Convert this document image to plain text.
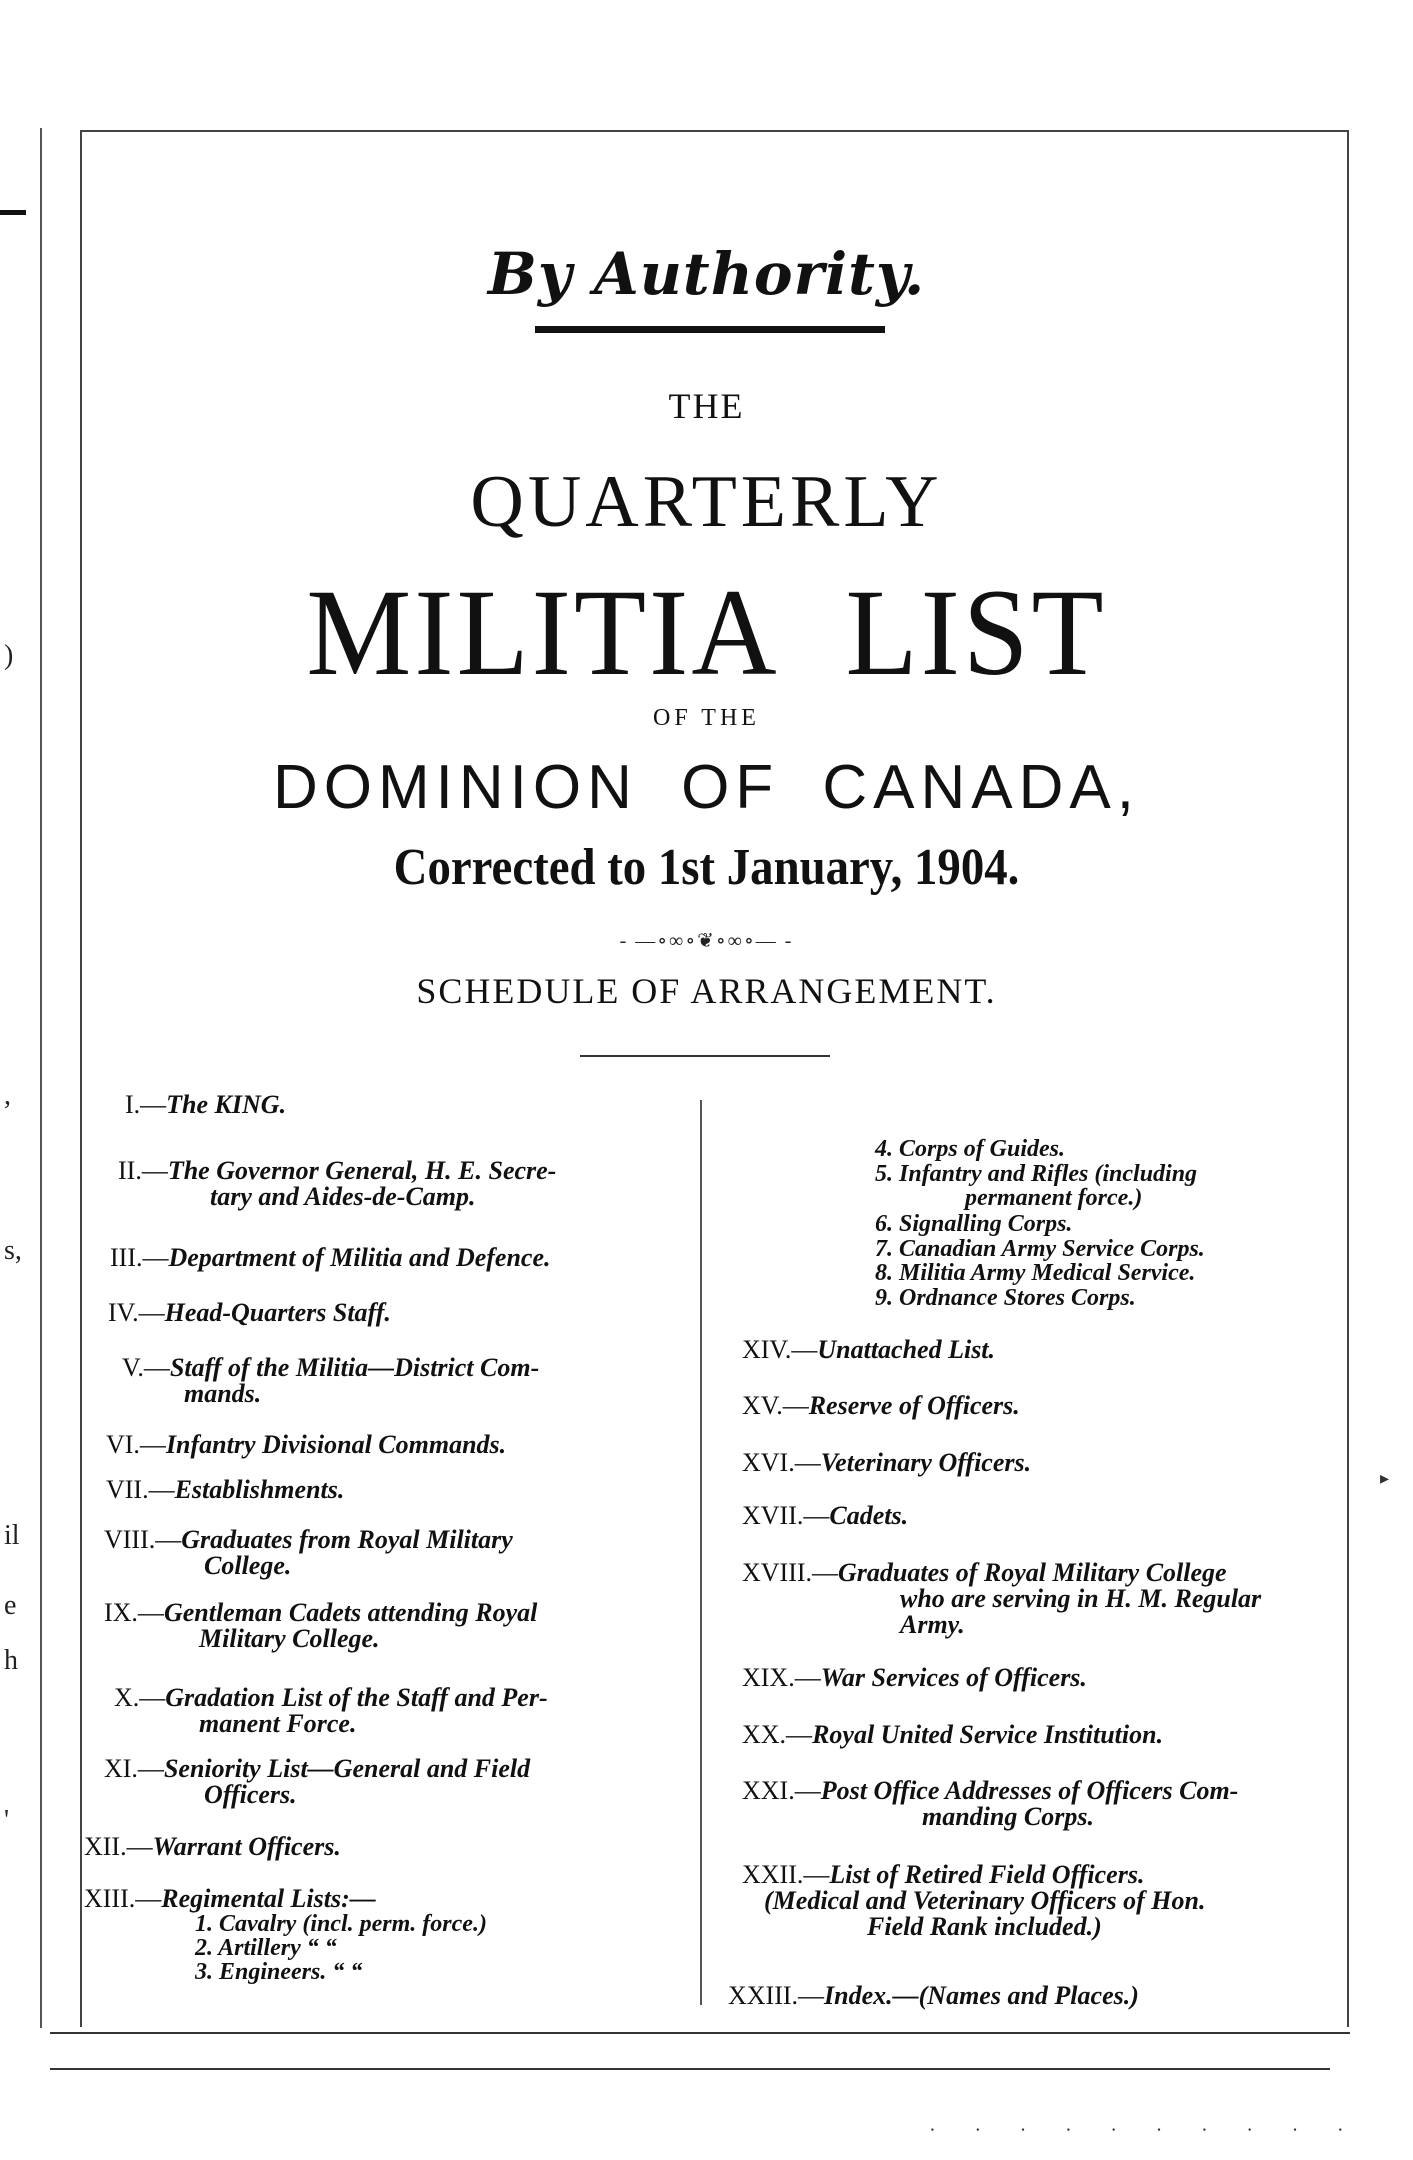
)
,
s,
il
e
h
'
By Authority.
THE
QUARTERLY
MILITIA LIST
OF THE
DOMINION OF CANADA,
Corrected to 1st January, 1904.
- —∘∞∘❦∘∞∘— -
SCHEDULE OF ARRANGEMENT.
I.—The KING.
II.—The Governor General, H. E. Secre-
tary and Aides-de-Camp.
III.—Department of Militia and Defence.
IV.—Head-Quarters Staff.
V.—Staff of the Militia—District Com-
mands.
VI.—Infantry Divisional Commands.
VII.—Establishments.
VIII.—Graduates from Royal Military
College.
IX.—Gentleman Cadets attending Royal
Military College.
X.—Gradation List of the Staff and Per-
manent Force.
XI.—Seniority List—General and Field
Officers.
XII.—Warrant Officers.
XIII.—Regimental Lists:—
1. Cavalry (incl. perm. force.)
2. Artillery “ “
3. Engineers. “ “
4. Corps of Guides.
5. Infantry and Rifles (including
permanent force.)
6. Signalling Corps.
7. Canadian Army Service Corps.
8. Militia Army Medical Service.
9. Ordnance Stores Corps.
XIV.—Unattached List.
XV.—Reserve of Officers.
XVI.—Veterinary Officers.
XVII.—Cadets.
XVIII.—Graduates of Royal Military College
who are serving in H. M. Regular
Army.
XIX.—War Services of Officers.
XX.—Royal United Service Institution.
XXI.—Post Office Addresses of Officers Com-
manding Corps.
XXII.—List of Retired Field Officers.
(Medical and Veterinary Officers of Hon.
Field Rank included.)
XXIII.—Index.—(Names and Places.)
▸
⸱ ⸱ ⸱ ⸱ ⸱ ⸱ ⸱ ⸱ ⸱ ⸱
